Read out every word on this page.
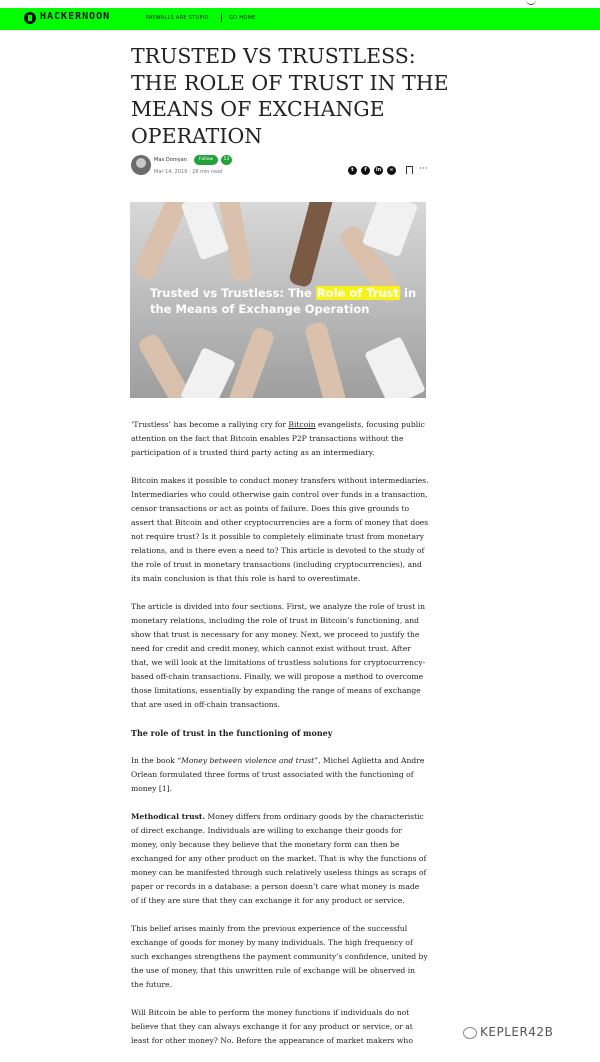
HACKERNOON	PAYWALLS ARE STUPID	GO HOME
TRUSTED VS TRUSTLESS: THE ROLE OF TRUST IN THE MEANS OF EXCHANGE OPERATION
Max Domyan	Follow	53
Mar 14, 2019 · 28 min read	t	f	in	∞	···
Trusted vs Trustless: The Role of Trust in the Means of Exchange Operation

‘Trustless’ has become a rallying cry for Bitcoin evangelists, focusing public attention on the fact that Bitcoin enables P2P transactions without the participation of a trusted third party acting as an intermediary.

Bitcoin makes it possible to conduct money transfers without intermediaries. Intermediaries who could otherwise gain control over funds in a transaction, censor transactions or act as points of failure. Does this give grounds to assert that Bitcoin and other cryptocurrencies are a form of money that does not require trust? Is it possible to completely eliminate trust from monetary relations, and is there even a need to? This article is devoted to the study of the role of trust in monetary transactions (including cryptocurrencies), and its main conclusion is that this role is hard to overestimate.

The article is divided into four sections. First, we analyze the role of trust in monetary relations, including the role of trust in Bitcoin’s functioning, and show that trust is necessary for any money. Next, we proceed to justify the need for credit and credit money, which cannot exist without trust. After that, we will look at the limitations of trustless solutions for cryptocurrency-based off-chain transactions. Finally, we will propose a method to overcome those limitations, essentially by expanding the range of means of exchange that are used in off-chain transactions.

The role of trust in the functioning of money

In the book “Money between violence and trust”, Michel Aglietta and Andre Orlean formulated three forms of trust associated with the functioning of money [1].

Methodical trust. Money differs from ordinary goods by the characteristic of direct exchange. Individuals are willing to exchange their goods for money, only because they believe that the monetary form can then be exchanged for any other product on the market. That is why the functions of money can be manifested through such relatively useless things as scraps of paper or records in a database: a person doesn’t care what money is made of if they are sure that they can exchange it for any product or service.

This belief arises mainly from the previous experience of the successful exchange of goods for money by many individuals. The high frequency of such exchanges strengthens the payment community’s confidence, united by the use of money, that this unwritten rule of exchange will be observed in the future.

Will Bitcoin be able to perform the money functions if individuals do not believe that they can always exchange it for any product or service, or at least for other money? No. Before the appearance of market makers who

KEPLER42B
